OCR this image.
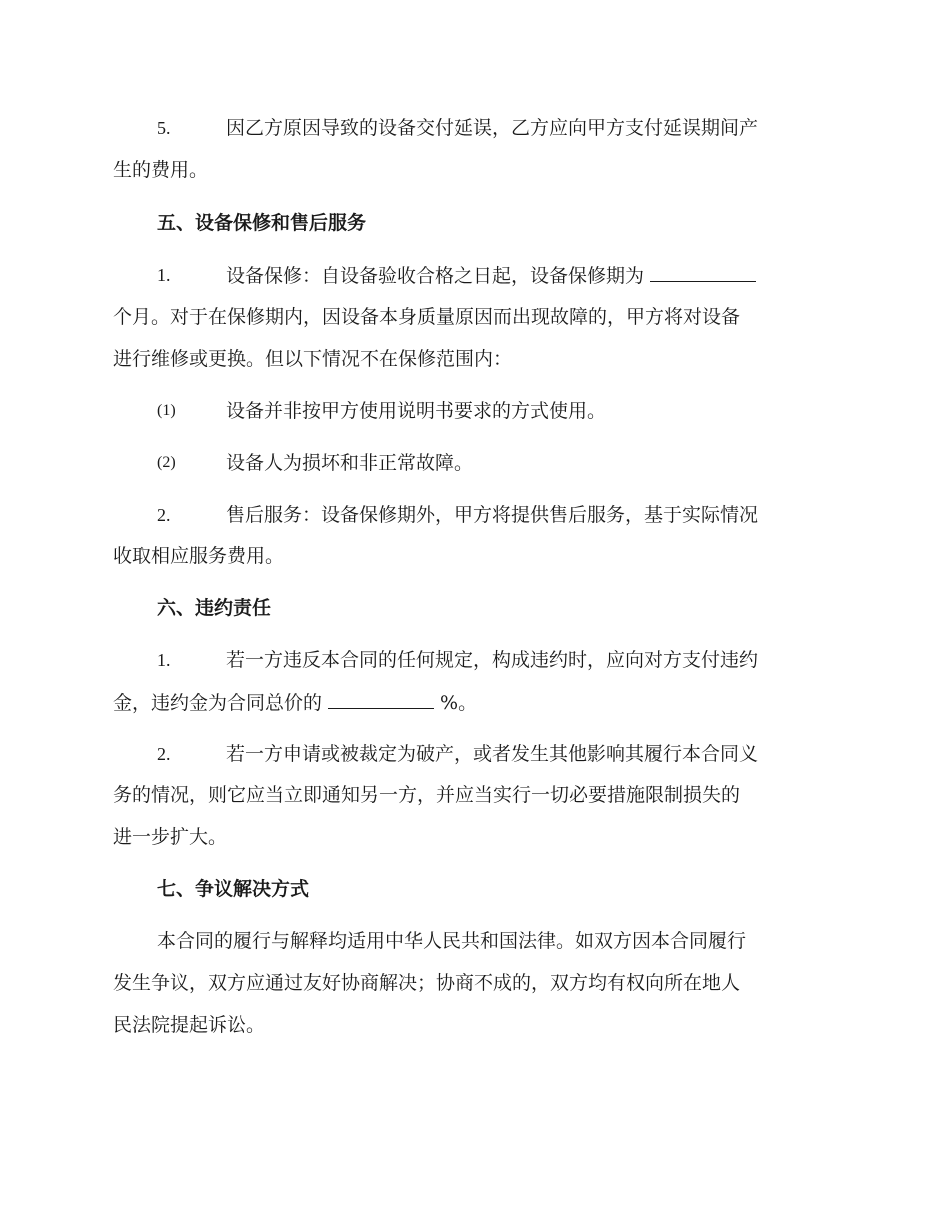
5.	因乙方原因导致的设备交付延误，乙方应向甲方支付延误期间产
生的费用。
五、设备保修和售后服务
1.	设备保修：自设备验收合格之日起，设备保修期为
个月。对于在保修期内，因设备本身质量原因而出现故障的，甲方将对设备
进行维修或更换。但以下情况不在保修范围内：
(1)	设备并非按甲方使用说明书要求的方式使用。
(2)	设备人为损坏和非正常故障。
2.	售后服务：设备保修期外，甲方将提供售后服务，基于实际情况
收取相应服务费用。
六、违约责任
1.	若一方违反本合同的任何规定，构成违约时，应向对方支付违约
金，违约金为合同总价的	%。
2.	若一方申请或被裁定为破产，或者发生其他影响其履行本合同义
务的情况，则它应当立即通知另一方，并应当实行一切必要措施限制损失的
进一步扩大。
七、争议解决方式
本合同的履行与解释均适用中华人民共和国法律。如双方因本合同履行
发生争议，双方应通过友好协商解决；协商不成的，双方均有权向所在地人
民法院提起诉讼。
